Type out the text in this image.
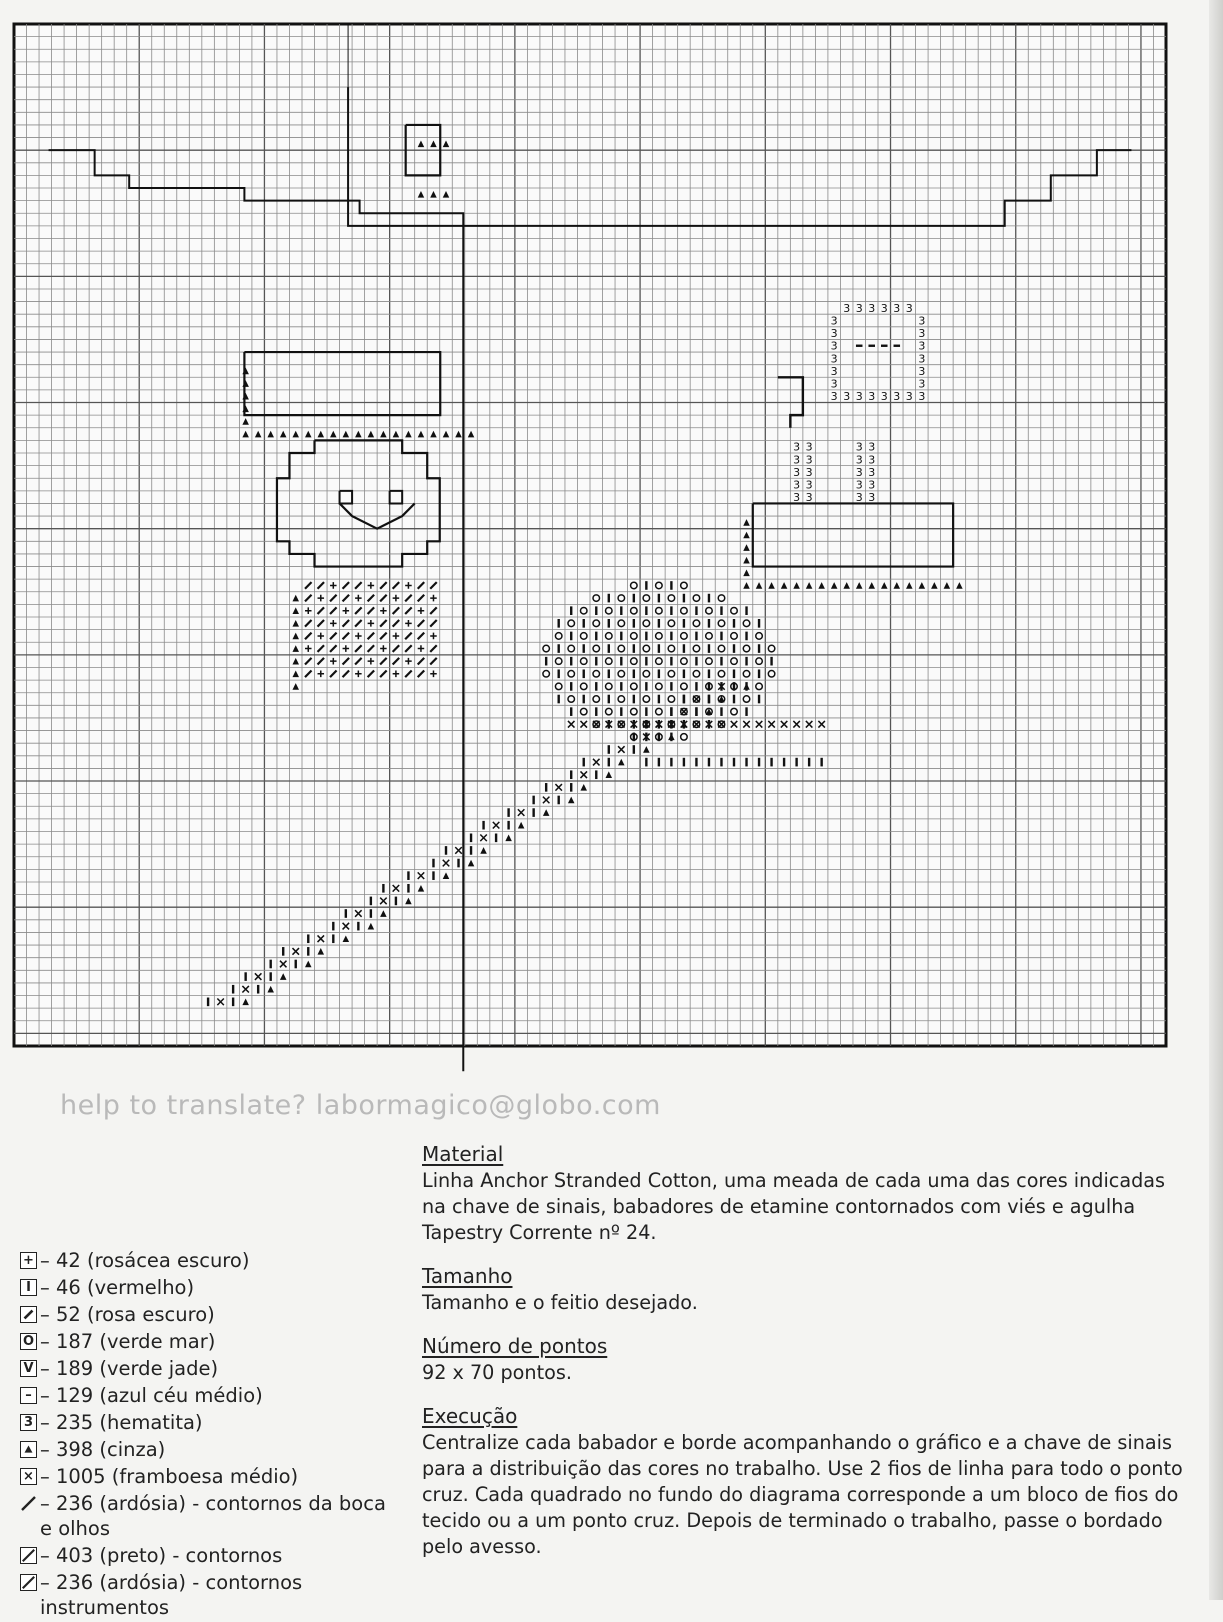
3 3	3 3
3 3	3 3
3 3	3 3
3 3	3 3
3 3	3 3
3 3 3 3 3 3
3	3
3	3
3	3
3	3
3	3
3	3
3	3
3 3 3 3 3 3
help to translate? labormagico@globo.com
+ – 42 (rosácea escuro)
I – 46 (vermelho)
– 52 (rosa escuro)
O – 187 (verde mar)
V – 189 (verde jade)
– – 129 (azul céu médio)
3 – 235 (hematita)
– 398 (cinza)
× – 1005 (framboesa médio)
– 236 (ardósia) - contornos da boca e olhos
– 403 (preto) - contornos
– 236 (ardósia) - contornos instrumentos
Material

Linha Anchor Stranded Cotton, uma meada de cada uma das cores indicadas na chave de sinais, babadores de etamine contornados com viés e agulha Tapestry Corrente nº 24.

Tamanho

Tamanho e o feitio desejado.

Número de pontos

92 x 70 pontos.

Execução

Centralize cada babador e borde acompanhando o gráfico e a chave de sinais para a distribuição das cores no trabalho. Use 2 fios de linha para todo o ponto cruz. Cada quadrado no fundo do diagrama corresponde a um bloco de fios do tecido ou a um ponto cruz. Depois de terminado o trabalho, passe o bordado pelo avesso.
